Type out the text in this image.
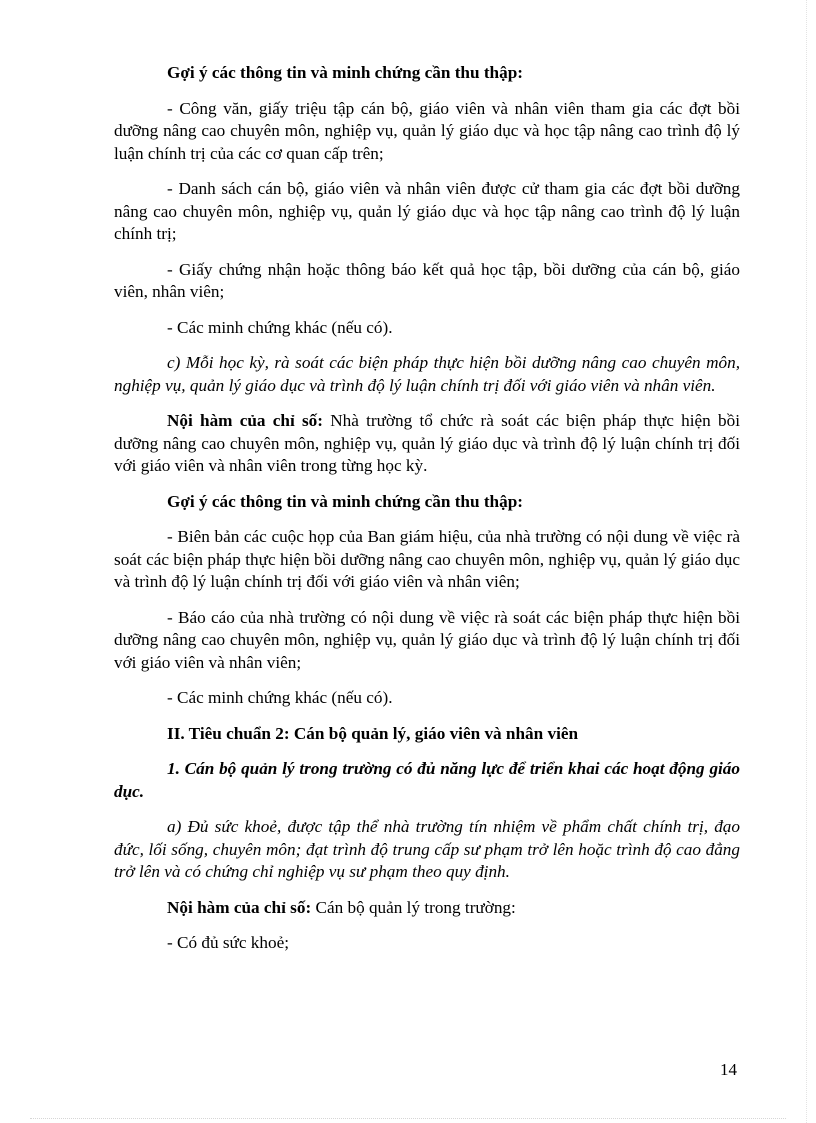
Gợi ý các thông tin và minh chứng cần thu thập:

- Công văn, giấy triệu tập cán bộ, giáo viên và nhân viên tham gia các đợt bồi dưỡng nâng cao chuyên môn, nghiệp vụ, quản lý giáo dục và học tập nâng cao trình độ lý luận chính trị của các cơ quan cấp trên;

- Danh sách cán bộ, giáo viên và nhân viên được cử tham gia các đợt bồi dưỡng nâng cao chuyên môn, nghiệp vụ, quản lý giáo dục và học tập nâng cao trình độ lý luận chính trị;

- Giấy chứng nhận hoặc thông báo kết quả học tập, bồi dưỡng của cán bộ, giáo viên, nhân viên;

- Các minh chứng khác (nếu có).

c) Mỗi học kỳ, rà soát các biện pháp thực hiện bồi dưỡng nâng cao chuyên môn, nghiệp vụ, quản lý giáo dục và trình độ lý luận chính trị đối với giáo viên và nhân viên.

Nội hàm của chỉ số: Nhà trường tổ chức rà soát các biện pháp thực hiện bồi dưỡng nâng cao chuyên môn, nghiệp vụ, quản lý giáo dục và trình độ lý luận chính trị đối với giáo viên và nhân viên trong từng học kỳ.

Gợi ý các thông tin và minh chứng cần thu thập:

- Biên bản các cuộc họp của Ban giám hiệu, của nhà trường có nội dung về việc rà soát các biện pháp thực hiện bồi dưỡng nâng cao chuyên môn, nghiệp vụ, quản lý giáo dục và trình độ lý luận chính trị đối với giáo viên và nhân viên;

- Báo cáo của nhà trường có nội dung về việc rà soát các biện pháp thực hiện bồi dưỡng nâng cao chuyên môn, nghiệp vụ, quản lý giáo dục và trình độ lý luận chính trị đối với giáo viên và nhân viên;

- Các minh chứng khác (nếu có).

II. Tiêu chuẩn 2: Cán bộ quản lý, giáo viên và nhân viên

1. Cán bộ quản lý trong trường có đủ năng lực để triển khai các hoạt động giáo dục.

a) Đủ sức khoẻ, được tập thể nhà trường tín nhiệm về phẩm chất chính trị, đạo đức, lối sống, chuyên môn; đạt trình độ trung cấp sư phạm trở lên hoặc trình độ cao đẳng trở lên và có chứng chỉ nghiệp vụ sư phạm theo quy định.

Nội hàm của chỉ số: Cán bộ quản lý trong trường:

- Có đủ sức khoẻ;

14
